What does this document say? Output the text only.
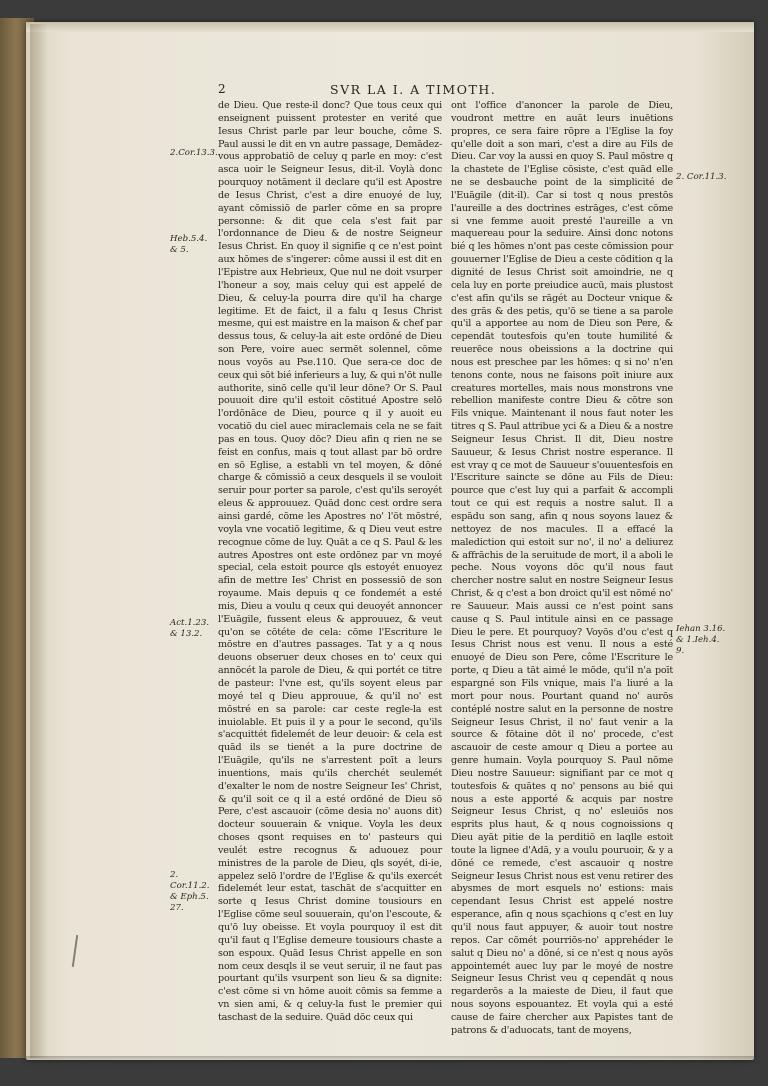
2	SVR LA I. A TIMOTH.
2.Cor.13.3.
Heb.5.4. & 5.
Act.1.23. & 13.2.
2. Cor.11.2. & Eph.5. 27.
2. Cor.11.3.
Iehan 3.16. & 1.Ieh.4. 9.

de Dieu. Que reste-il donc? Que tous ceux qui enseignent puissent protester en verité que Iesus Christ parle par leur bouche, côme S. Paul aussi le dit en vn autre passage, Demādez-vous approbatiō de celuy q parle en moy: c'est asca uoir le Seigneur Iesus, dit-il. Voylà donc pourquoy notāment il declare qu'il est Apostre de Iesus Christ, c'est a dire enuoyé de luy, ayant cōmissiō de parler cōme en sa propre personne: & dit que cela s'est fait par l'ordonnance de Dieu & de nostre Seigneur Iesus Christ. En quoy il signifie q ce n'est point aux hōmes de s'ingerer: côme aussi il est dit en l'Epistre aux Hebrieux, Que nul ne doit vsurper l'honeur a soy, mais celuy qui est appelé de Dieu, & celuy-la pourra dire qu'il ha charge legitime. Et de faict, il a falu q Iesus Christ mesme, qui est maistre en la maison & chef par dessus tous, & celuy-la ait este ordōné de Dieu son Pere, voire auec sermēt solennel, cōme nous voyōs au Pse.110. Que sera-ce doc de ceux qui sōt bié inferieurs a luy, & qui n'ōt nulle authorite, sinō celle qu'il leur dōne? Or S. Paul pouuoit dire qu'il estoit cōstitué Apostre selō l'ordōnāce de Dieu, pource q il y auoit eu vocatiō du ciel auec miraclemais cela ne se fait pas en tous. Quoy dōc? Dieu afin q rien ne se feist en confus, mais q tout allast par bō ordre en sō Eglise, a establi vn tel moyen, & dōné charge & cōmissiō a ceux desquels il se vouloit seruir pour porter sa parole, c'est qu'ils seroyét eleus & approuuez. Quād donc cest ordre sera ainsi gardé, cōme les Apostres no' l'ōt mōstré, voyla vne vocatiō legitime, & q Dieu veut estre recognue cōme de luy. Quāt a ce q S. Paul & les autres Apostres ont este ordōnez par vn moyé special, cela estoit pource qls estoyét enuoyez afin de mettre Ies' Christ en possessiō de son royaume. Mais depuis q ce fondemét a esté mis, Dieu a voulu q ceux qui deuoyét annoncer l'Euāgile, fussent eleus & approuuez, & veut qu'on se cōtéte de cela: cōme l'Escriture le mōstre en d'autres passages. Tat y a q nous deuons obseruer deux choses en to' ceux qui annōcét la parole de Dieu, & qui portét ce titre de pasteur: l'vne est, qu'ils soyent eleus par moyé tel q Dieu approuue, & qu'il no' est mōstré en sa parole: car ceste regle-la est inuiolable. Et puis il y a pour le second, qu'ils s'acquittét fidelemét de leur deuoir: & cela est quād ils se tienét a la pure doctrine de l'Euāgile, qu'ils ne s'arrestent poīt a leurs inuentions, mais qu'ils cherchét seulemét d'exalter le nom de nostre Seigneur Ies' Christ, & qu'il soit ce q il a esté ordōné de Dieu sō Pere, c'est ascauoir (cōme desia no' auons dit) docteur souuerain & vnique. Voyla les deux choses qsont requises en to' pasteurs qui veulét estre recognus & aduouez pour ministres de la parole de Dieu, qls soyét, di-ie, appelez selō l'ordre de l'Eglise & qu'ils exercét fidelemét leur estat, taschāt de s'acquitter en sorte q Iesus Christ domine tousiours en l'Eglise cōme seul souuerain, qu'on l'escoute, & qu'ō luy obeisse. Et voyla pourquoy il est dit qu'il faut q l'Eglise demeure tousiours chaste a son espoux. Quād Iesus Christ appelle en son nom ceux desqls il se veut seruir, il ne faut pas pourtant qu'ils vsurpent son lieu & sa dignite: c'est cōme si vn hōme auoit cōmis sa femme a vn sien ami, & q celuy-la fust le premier qui taschast de la seduire. Quād dōc ceux qui

ont l'office d'anoncer la parole de Dieu, voudront mettre en auāt leurs inuētions propres, ce sera faire rōpre a l'Eglise la foy qu'elle doit a son mari, c'est a dire au Fils de Dieu. Car voy la aussi en quoy S. Paul mōstre q la chastete de l'Eglise cōsiste, c'est quād elle ne se desbauche point de la simplicité de l'Euāgile (dit-il). Car si tost q nous prestōs l'aureille a des doctrines estrāges, c'est cōme si vne femme auoit presté l'aureille a vn maquereau pour la seduire. Ainsi donc notons bié q les hōmes n'ont pas ceste cōmission pour gouuerner l'Eglise de Dieu a ceste cōdition q la dignité de Iesus Christ soit amoindrie, ne q cela luy en porte preiudice aucū, mais plustost c'est afin qu'ils se rāgét au Docteur vnique & des grās & des petis, qu'ō se tiene a sa parole qu'il a apportee au nom de Dieu son Pere, & cependāt toutesfois qu'en toute humilité & reuerēce nous obeissions a la doctrine qui nous est preschee par les hōmes: q si no' n'en tenons conte, nous ne faisons poīt iniure aux creatures mortelles, mais nous monstrons vne rebellion manifeste contre Dieu & cōtre son Fils vnique. Maintenant il nous faut noter les titres q S. Paul attribue yci & a Dieu & a nostre Seigneur Iesus Christ. Il dit, Dieu nostre Sauueur, & Iesus Christ nostre esperance. Il est vray q ce mot de Sauueur s'ouuentesfois en l'Escriture saincte se dōne au Fils de Dieu: pource que c'est luy qui a parfait & accompli tout ce qui est requis a nostre salut. Il a espādu son sang, afin q nous soyons lauez & nettoyez de nos macules. Il a effacé la malediction qui estoit sur no', il no' a deliurez & affrāchis de la seruitude de mort, il a aboli le peche. Nous voyons dōc qu'il nous faut chercher nostre salut en nostre Seigneur Iesus Christ, & q c'est a bon droict qu'il est nōmé no' re Sauueur. Mais aussi ce n'est point sans cause q S. Paul intitule ainsi en ce passage Dieu le pere. Et pourquoy? Voyōs d'ou c'est q Iesus Christ nous est venu. Il nous a esté enuoyé de Dieu son Pere, côme l'Escriture le porte, q Dieu a tāt aimé le mōde, qu'il n'a poīt espargné son Fils vnique, mais l'a liuré a la mort pour nous. Pourtant quand no' aurōs contéplé nostre salut en la personne de nostre Seigneur Iesus Christ, il no' faut venir a la source & fōtaine dōt il no' procede, c'est ascauoir de ceste amour q Dieu a portee au genre humain. Voyla pourquoy S. Paul nōme Dieu nostre Sauueur: signifiant par ce mot q toutesfois & quātes q no' pensons au bié qui nous a este apporté & acquis par nostre Seigneur Iesus Christ, q no' esleuiōs nos esprits plus haut, & q nous cognoissions q Dieu ayāt pitie de la perditiō en laqlle estoit toute la lignee d'Adā, y a voulu pouruoir, & y a dōné ce remede, c'est ascauoir q nostre Seigneur Iesus Christ nous est venu retirer des abysmes de mort esquels no' estions: mais cependant Iesus Christ est appelé nostre esperance, afin q nous sçachions q c'est en luy qu'il nous faut appuyer, & auoir tout nostre repos. Car cōmét pourriōs-no' apprehéder le salut q Dieu no' a dōné, si ce n'est q nous ayōs appointemét auec luy par le moyé de nostre Seigneur Iesus Christ veu q cependāt q nous regarderōs a la maieste de Dieu, il faut que nous soyons espouantez. Et voyla qui a esté cause de faire chercher aux Papistes tant de patrons & d'aduocats, tant de moyens,
